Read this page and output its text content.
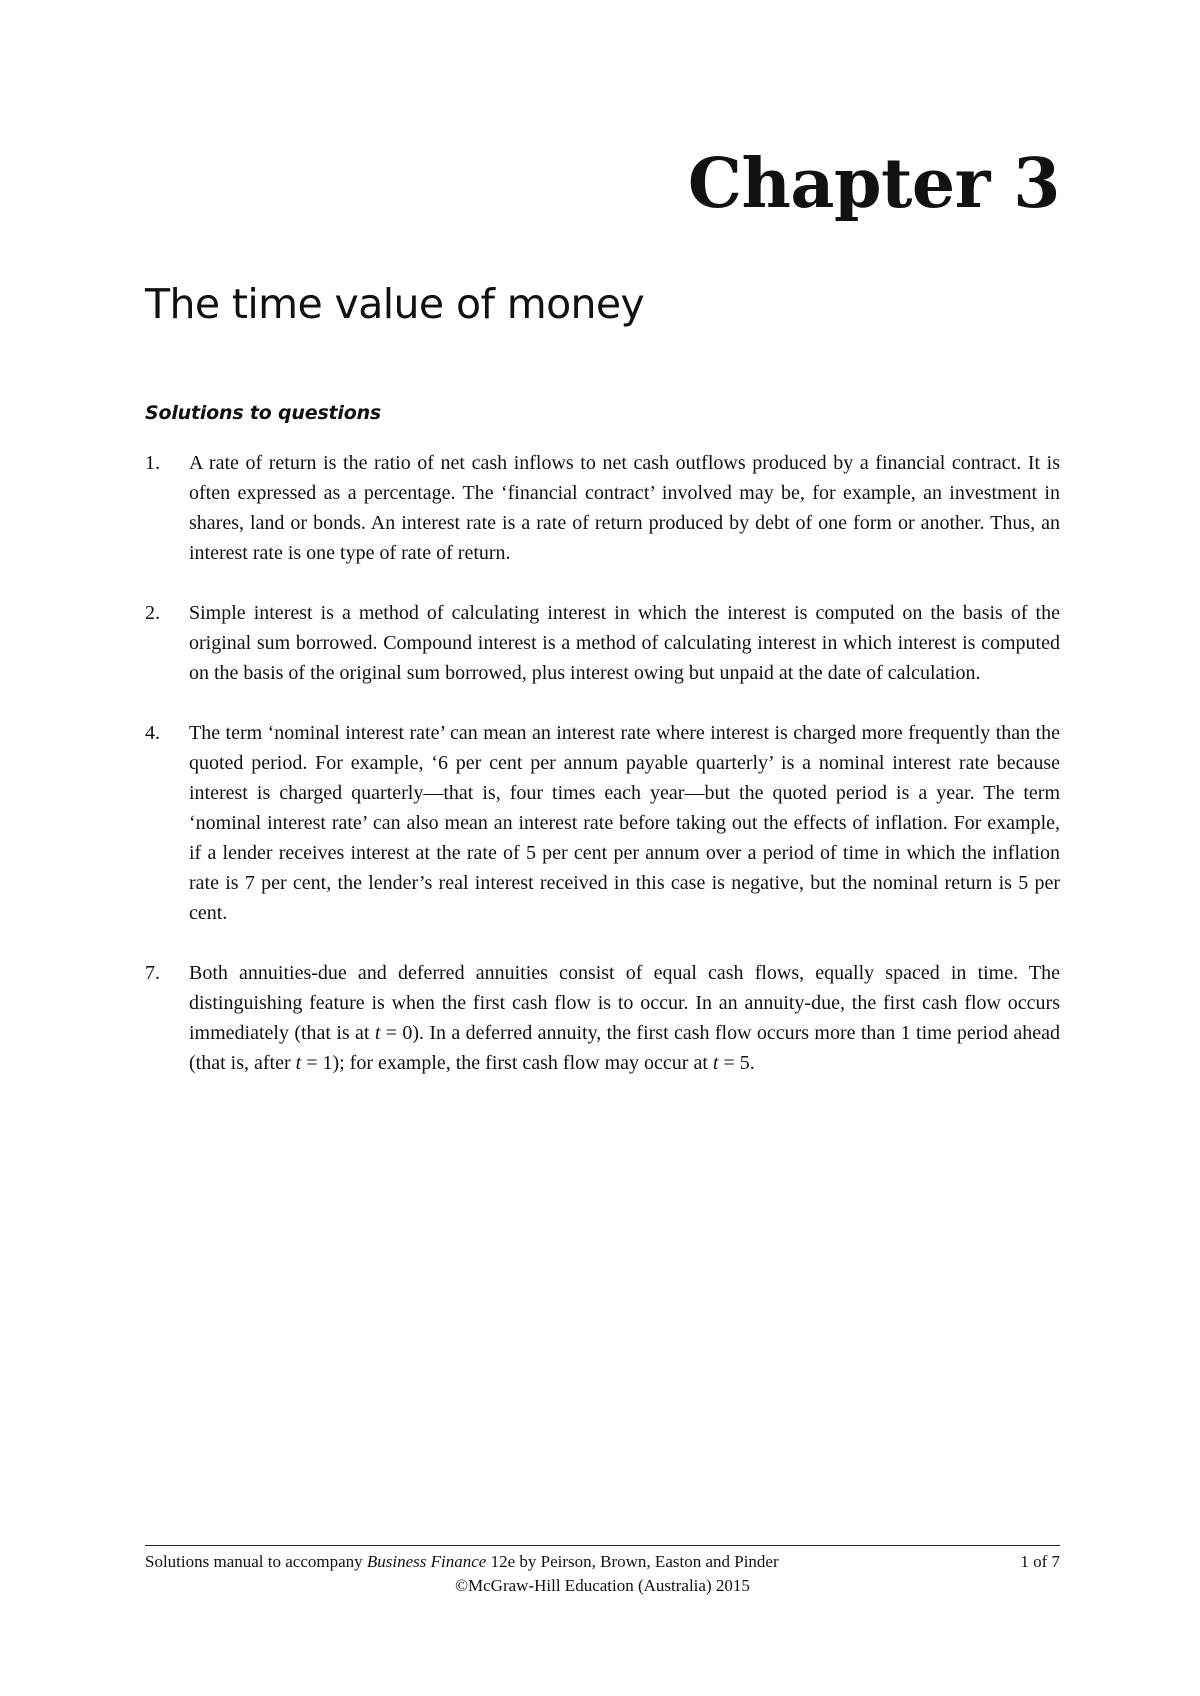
Chapter 3
The time value of money
Solutions to questions
1.	A rate of return is the ratio of net cash inflows to net cash outflows produced by a financial contract. It is often expressed as a percentage. The ‘financial contract’ involved may be, for example, an investment in shares, land or bonds. An interest rate is a rate of return produced by debt of one form or another. Thus, an interest rate is one type of rate of return.
2.	Simple interest is a method of calculating interest in which the interest is computed on the basis of the original sum borrowed. Compound interest is a method of calculating interest in which interest is computed on the basis of the original sum borrowed, plus interest owing but unpaid at the date of calculation.
4.	The term ‘nominal interest rate’ can mean an interest rate where interest is charged more frequently than the quoted period. For example, ‘6 per cent per annum payable quarterly’ is a nominal interest rate because interest is charged quarterly—that is, four times each year—but the quoted period is a year. The term ‘nominal interest rate’ can also mean an interest rate before taking out the effects of inflation. For example, if a lender receives interest at the rate of 5 per cent per annum over a period of time in which the inflation rate is 7 per cent, the lender’s real interest received in this case is negative, but the nominal return is 5 per cent.
7.	Both annuities-due and deferred annuities consist of equal cash flows, equally spaced in time. The distinguishing feature is when the first cash flow is to occur. In an annuity-due, the first cash flow occurs immediately (that is at t = 0). In a deferred annuity, the first cash flow occurs more than 1 time period ahead (that is, after t = 1); for example, the first cash flow may occur at t = 5.
Solutions manual to accompany Business Finance 12e by Peirson, Brown, Easton and Pinder	1 of 7
©McGraw-Hill Education (Australia) 2015
